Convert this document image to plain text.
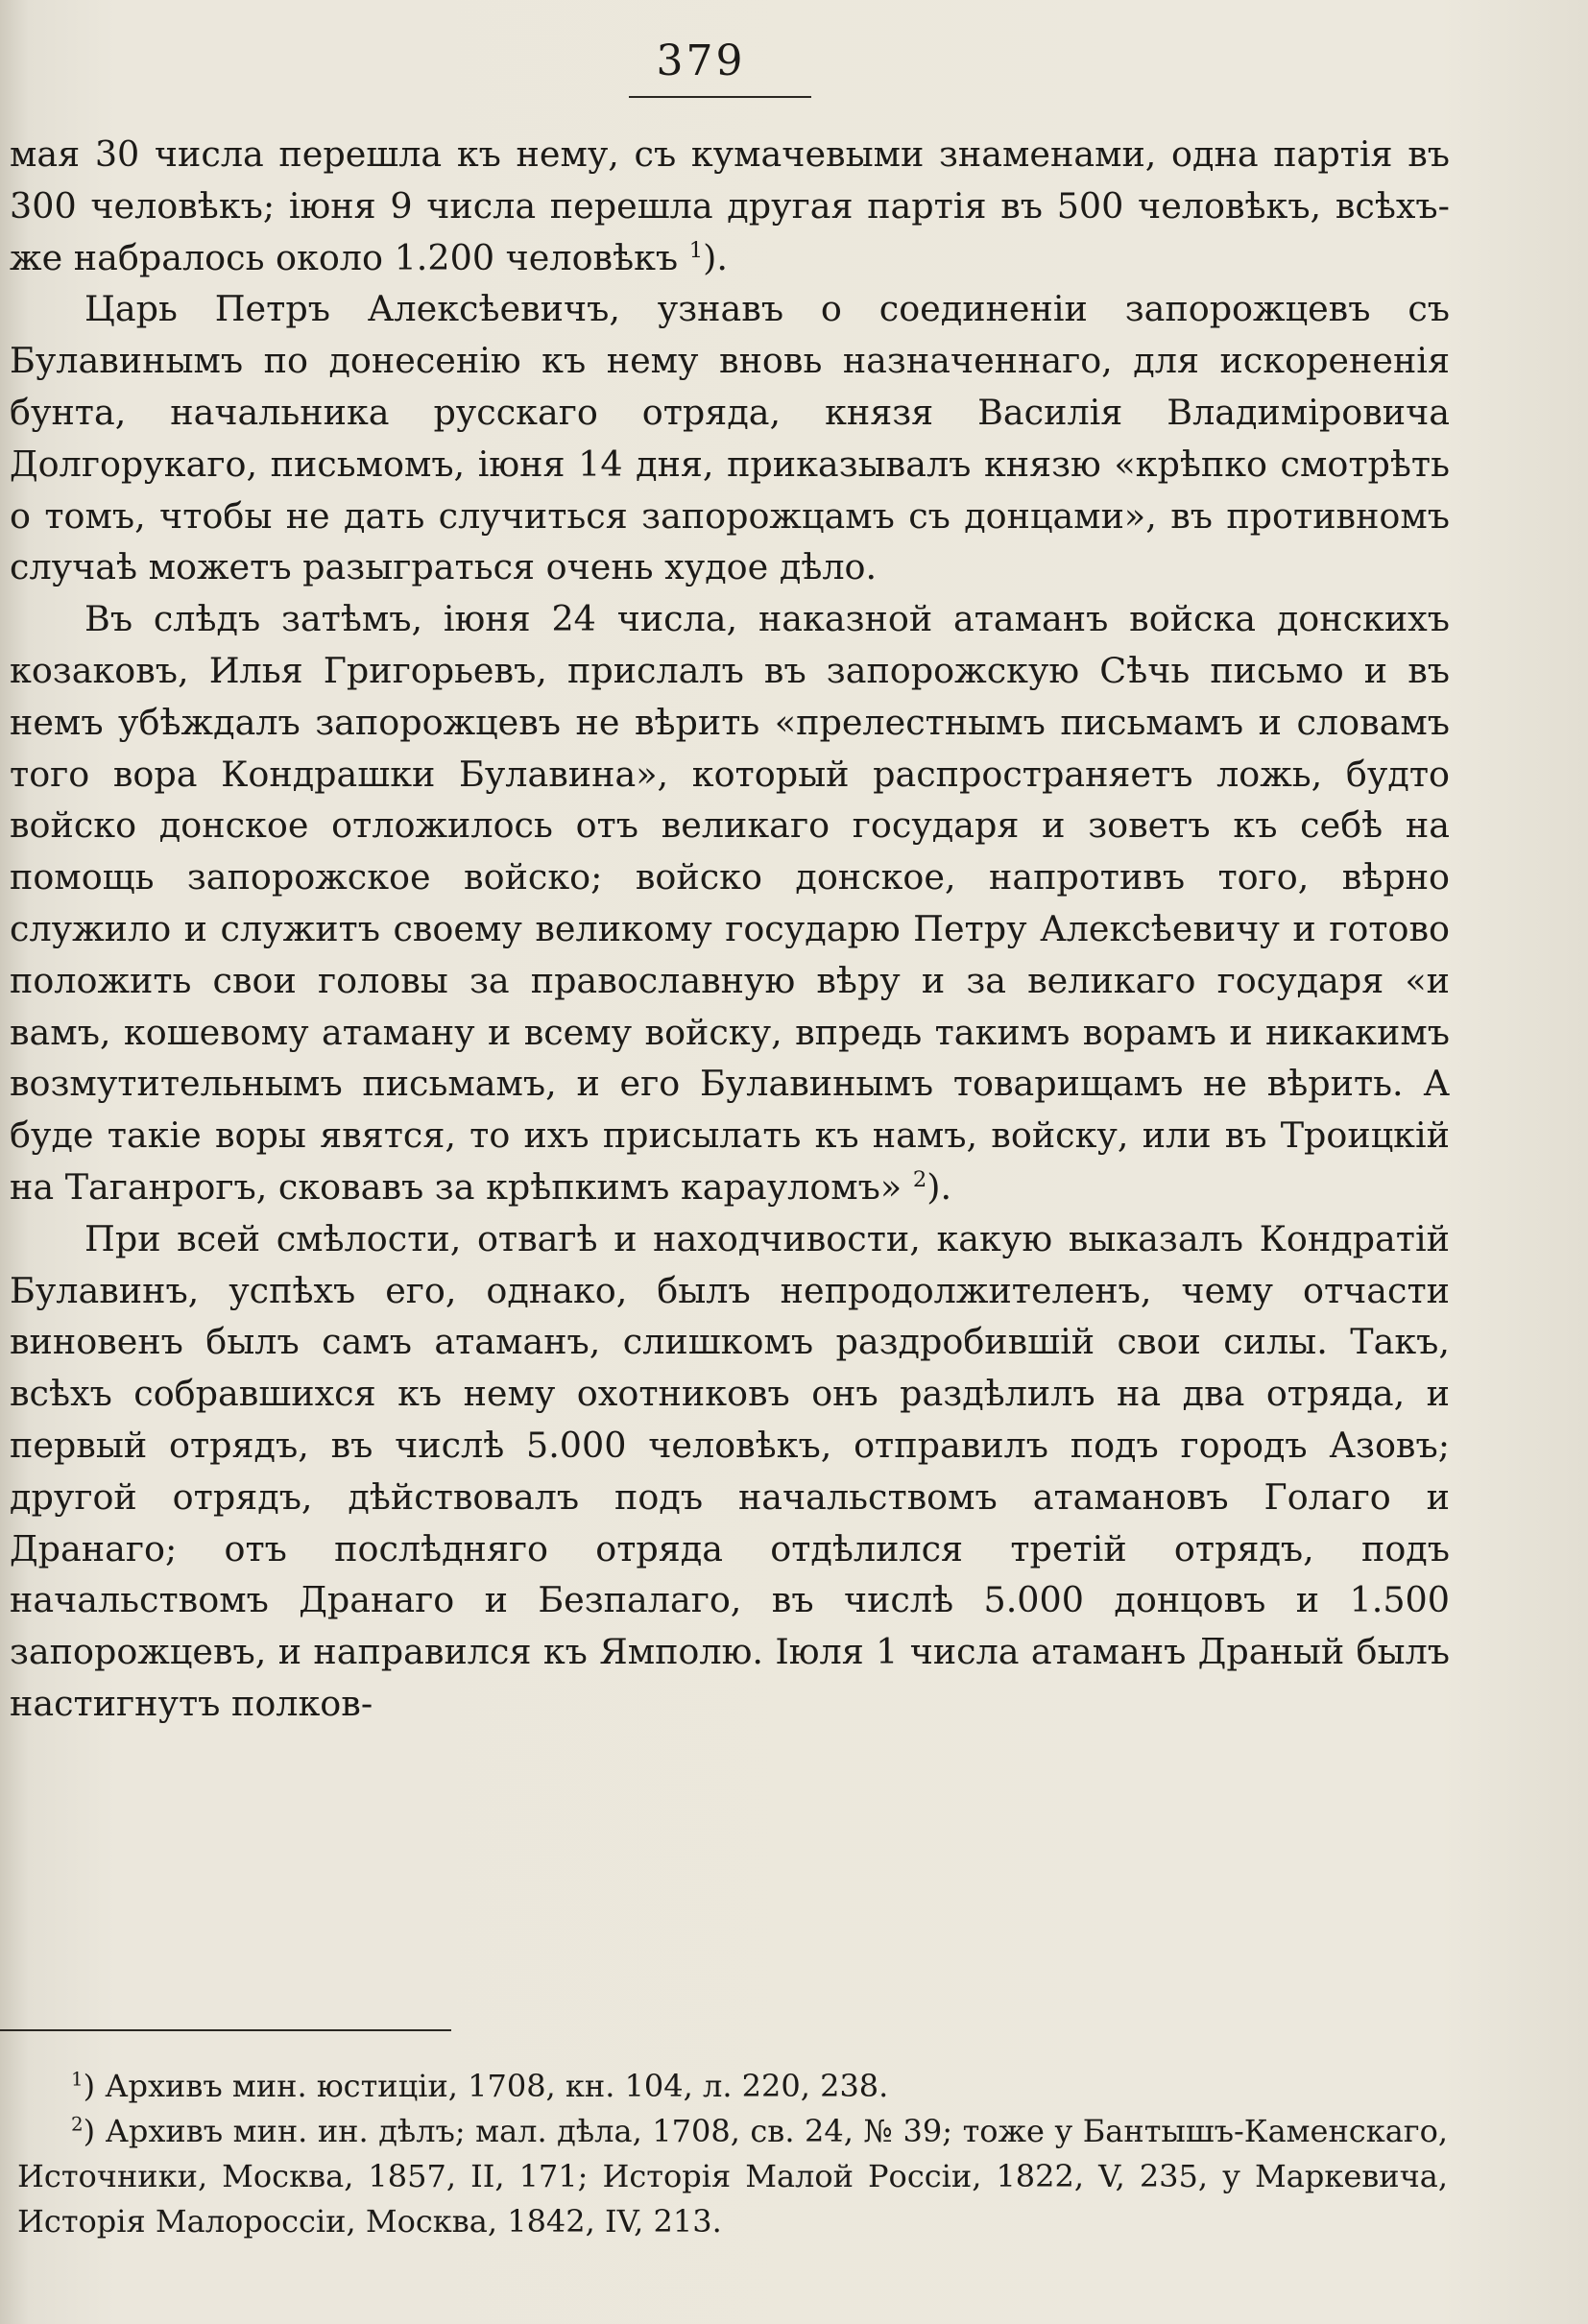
379

мая 30 числа перешла къ нему, съ кумачевыми знаменами, одна партія въ 300 человѣкъ; іюня 9 числа перешла другая партія въ 500 человѣкъ, всѣхъ-же набралось около 1.200 человѣкъ $^1$).

Царь Петръ Алексѣевичъ, узнавъ о соединеніи запорожцевъ съ Булавинымъ по донесенію къ нему вновь назначеннаго, для искорененія бунта, начальника русскаго отряда, князя Василія Владиміровича Долгорукаго, письмомъ, іюня 14 дня, приказывалъ князю «крѣпко смотрѣть о томъ, чтобы не дать случиться запорожцамъ съ донцами», въ противномъ случаѣ можетъ разыграться очень худое дѣло.

Въ слѣдъ затѣмъ, іюня 24 числа, наказной атаманъ войска донскихъ козаковъ, Илья Григорьевъ, прислалъ въ запорожскую Сѣчь письмо и въ немъ убѣждалъ запорожцевъ не вѣрить «прелестнымъ письмамъ и словамъ того вора Кондрашки Булавина», который распространяетъ ложь, будто войско донское отложилось отъ великаго государя и зоветъ къ себѣ на помощь запорожское войско; войско донское, напротивъ того, вѣрно служило и служитъ своему великому государю Петру Алексѣевичу и готово положить свои головы за православную вѣру и за великаго государя «и вамъ, кошевому атаману и всему войску, впредь такимъ ворамъ и никакимъ возмутительнымъ письмамъ, и его Булавинымъ товарищамъ не вѣрить. А буде такіе воры явятся, то ихъ присылать къ намъ, войску, или въ Троицкій на Таганрогъ, сковавъ за крѣпкимъ карауломъ» $^2$).

При всей смѣлости, отвагѣ и находчивости, какую выказалъ Кондратій Булавинъ, успѣхъ его, однако, былъ непродолжителенъ, чему отчасти виновенъ былъ самъ атаманъ, слишкомъ раздробившій свои силы. Такъ, всѣхъ собравшихся къ нему охотниковъ онъ раздѣлилъ на два отряда, и первый отрядъ, въ числѣ 5.000 человѣкъ, отправилъ подъ городъ Азовъ; другой отрядъ, дѣйствовалъ подъ начальствомъ атамановъ Голаго и Дранаго; отъ послѣдняго отряда отдѣлился третій отрядъ, подъ начальствомъ Дранаго и Безпалаго, въ числѣ 5.000 донцовъ и 1.500 запорожцевъ, и направился къ Ямполю. Іюля 1 числа атаманъ Драный былъ настигнутъ полков-

$^1$) Архивъ мин. юстиціи, 1708, кн. 104, л. 220, 238.

$^2$) Архивъ мин. ин. дѣлъ; мал. дѣла, 1708, св. 24, № 39; тоже у Бантышъ-Каменскаго, Источники, Москва, 1857, II, 171; Исторія Малой Россіи, 1822, V, 235, у Маркевича, Исторія Малороссіи, Москва, 1842, IV, 213.
